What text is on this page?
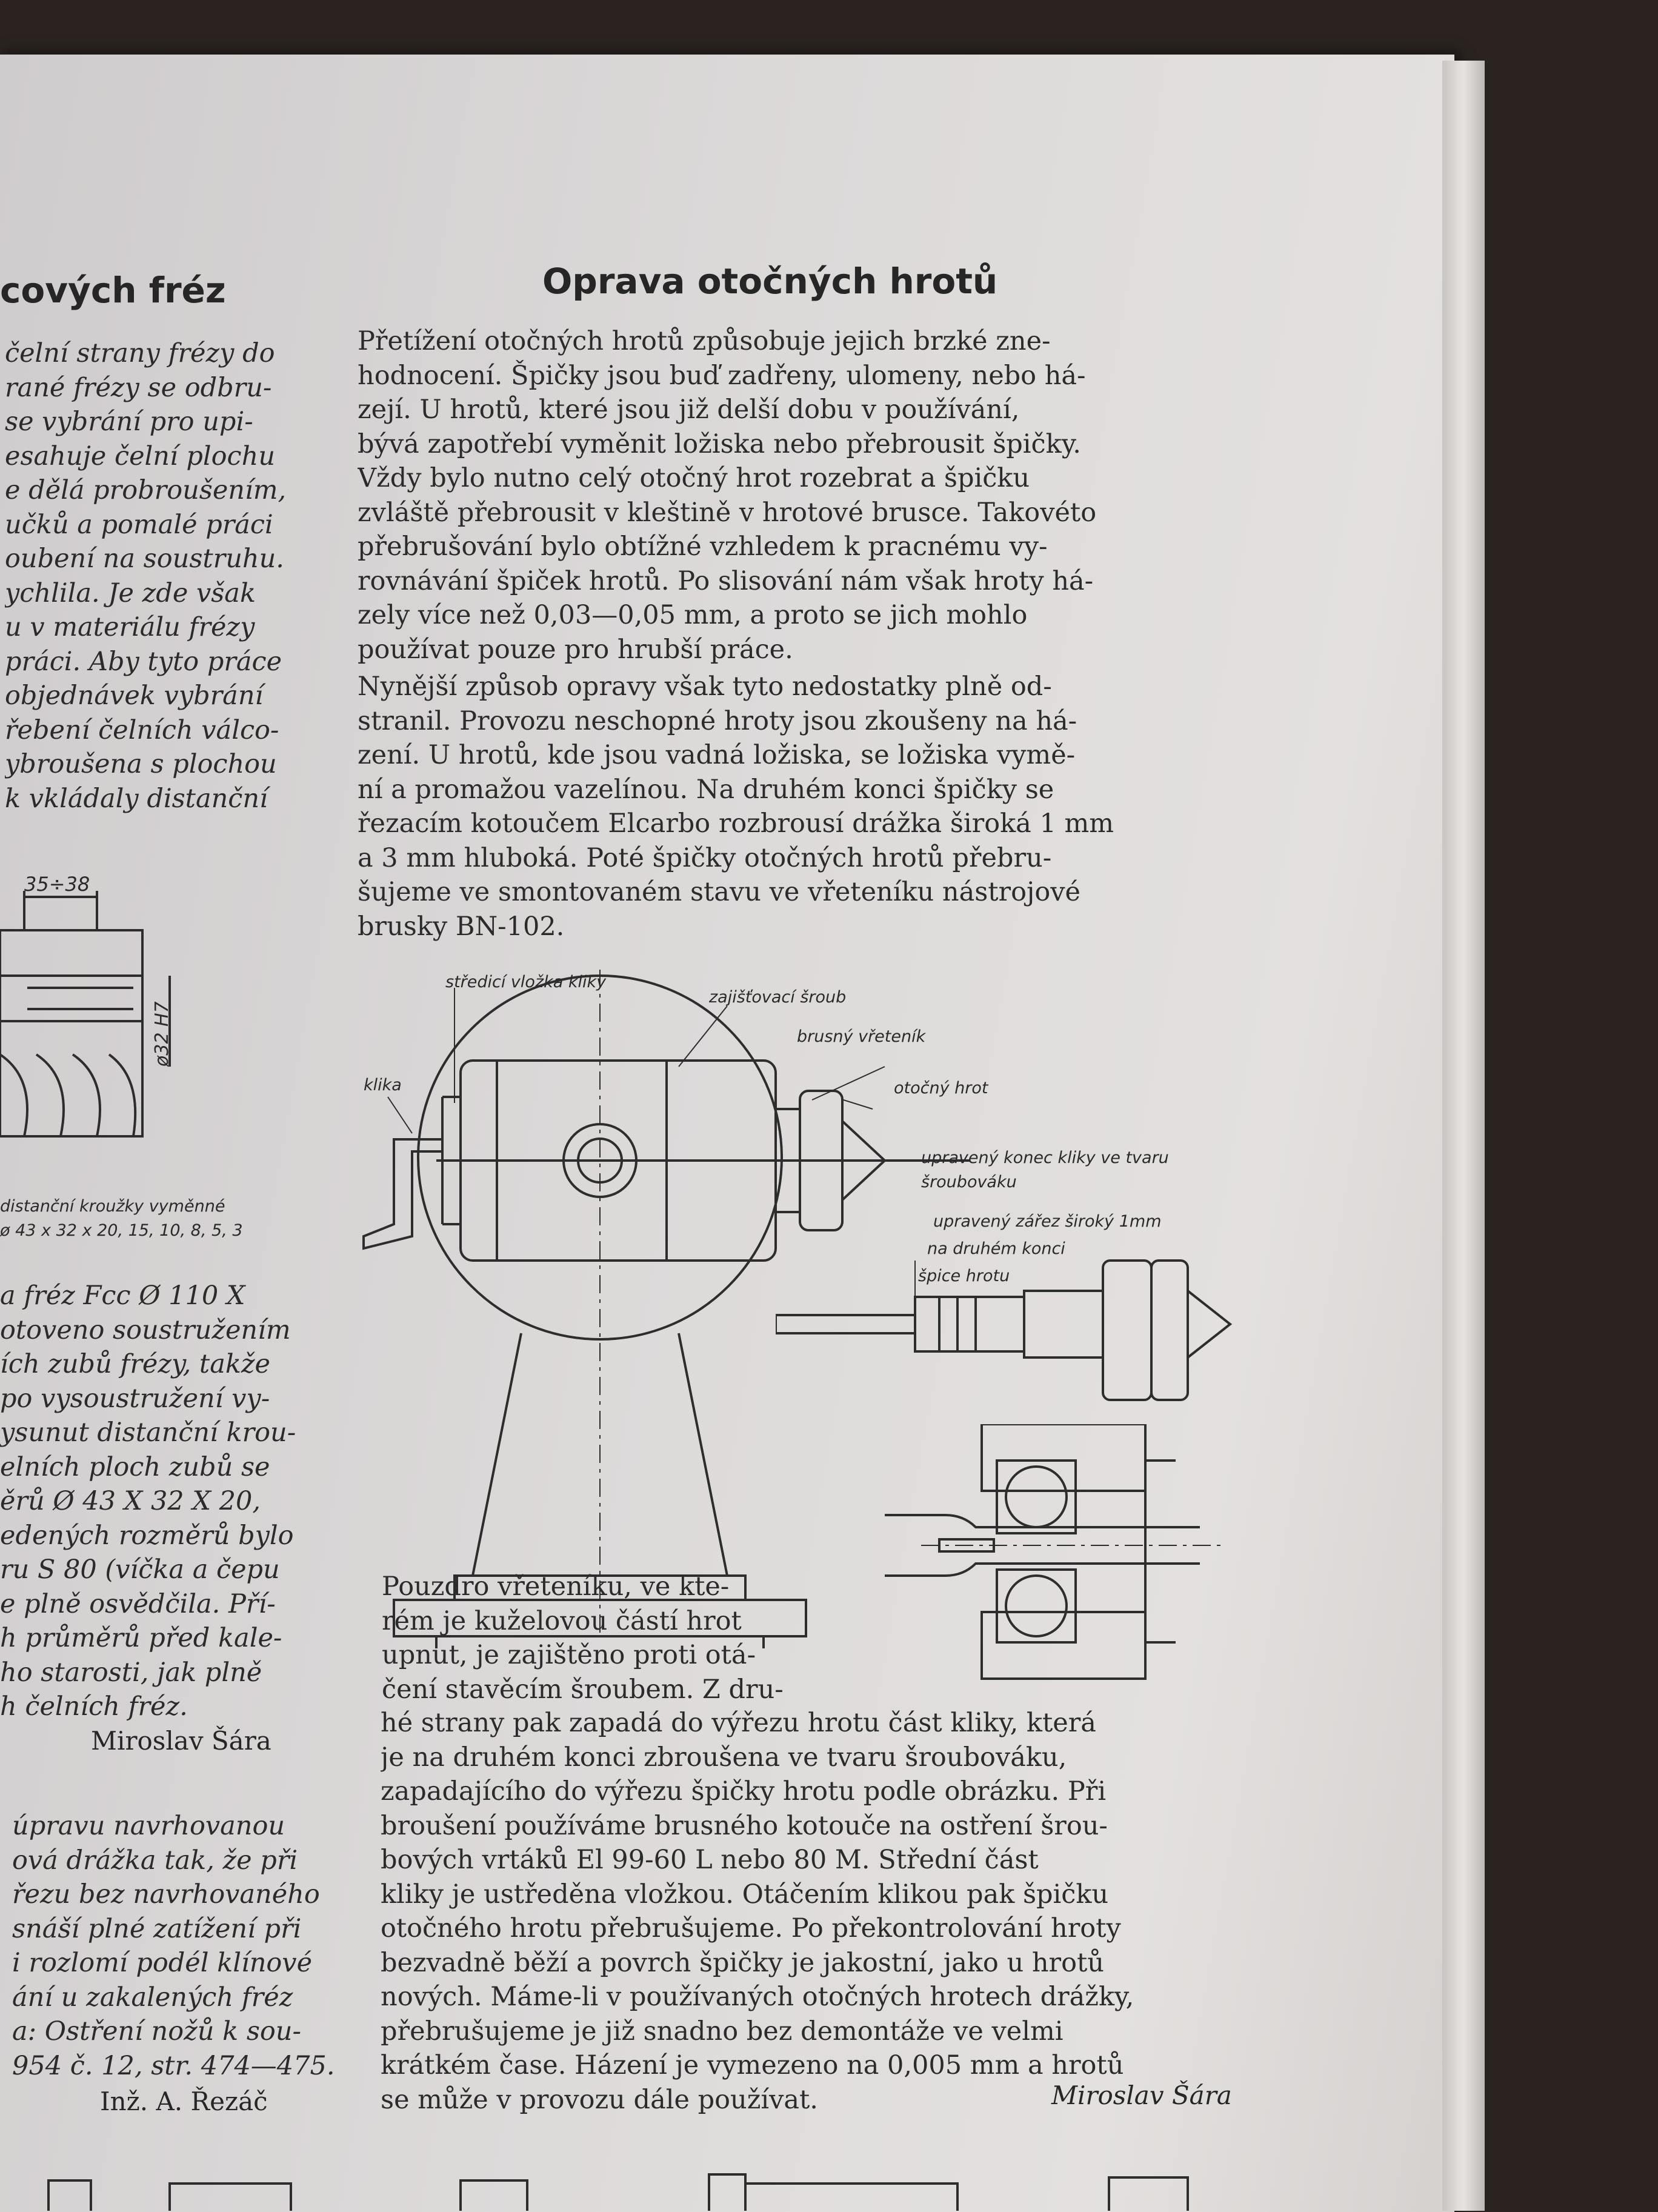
cových fréz
čelní strany frézy do
rané frézy se odbru-
se vybrání pro upi-
esahuje čelní plochu
e dělá probroušením,
učků a pomalé práci
oubení na soustruhu.
ychlila. Je zde však
u v materiálu frézy
práci. Aby tyto práce
objednávek vybrání
řebení čelních válco-
ybroušena s plochou
k vkládaly distanční
35÷38
ø32 H7
distanční kroužky vyměnné
ø 43 x 32 x 20, 15, 10, 8, 5, 3
a fréz Fcc Ø 110 X
otoveno soustružením
ích zubů frézy, takže
po vysoustružení vy-
ysunut distanční krou-
elních ploch zubů se
ěrů Ø 43 X 32 X 20,
edených rozměrů bylo
ru S 80 (víčka a čepu
e plně osvědčila. Pří-
h průměrů před kale-
ho starosti, jak plně
h čelních fréz.
Miroslav Šára
úpravu navrhovanou
ová drážka tak, že při
řezu bez navrhovaného
snáší plné zatížení při
i rozlomí podél klínové
ání u zakalených fréz
a: Ostření nožů k sou-
954 č. 12, str. 474—475.
Inž. A. Řezáč
Oprava otočných hrotů
Přetížení otočných hrotů způsobuje jejich brzké zne-
hodnocení. Špičky jsou buď zadřeny, ulomeny, nebo há-
zejí. U hrotů, které jsou již delší dobu v používání,
bývá zapotřebí vyměnit ložiska nebo přebrousit špičky.
Vždy bylo nutno celý otočný hrot rozebrat a špičku
zvláště přebrousit v kleštině v hrotové brusce. Takovéto
přebrušování bylo obtížné vzhledem k pracnému vy-
rovnávání špiček hrotů. Po slisování nám však hroty há-
zely více než 0,03—0,05 mm, a proto se jich mohlo
používat pouze pro hrubší práce.
Nynější způsob opravy však tyto nedostatky plně od-
stranil. Provozu neschopné hroty jsou zkoušeny na há-
zení. U hrotů, kde jsou vadná ložiska, se ložiska vymě-
ní a promažou vazelínou. Na druhém konci špičky se
řezacím kotoučem Elcarbo rozbrousí drážka široká 1 mm
a 3 mm hluboká. Poté špičky otočných hrotů přebru-
šujeme ve smontovaném stavu ve vřeteníku nástrojové
brusky BN-102.
středicí vložka kliky
zajišťovací šroub
brusný vřeteník
klika	otočný hrot
upravený konec kliky ve tvaru
šroubováku
upravený zářez široký 1mm
na druhém konci
špice hrotu
Pouzdro vřeteníku, ve kte-
rém je kuželovou částí hrot
upnut, je zajištěno proti otá-
čení stavěcím šroubem. Z dru-
hé strany pak zapadá do výřezu hrotu část kliky, která
je na druhém konci zbroušena ve tvaru šroubováku,
zapadajícího do výřezu špičky hrotu podle obrázku. Při
broušení používáme brusného kotouče na ostření šrou-
bových vrtáků El 99-60 L nebo 80 M. Střední část
kliky je ustředěna vložkou. Otáčením klikou pak špičku
otočného hrotu přebrušujeme. Po překontrolování hroty
bezvadně běží a povrch špičky je jakostní, jako u hrotů
nových. Máme-li v používaných otočných hrotech drážky,
přebrušujeme je již snadno bez demontáže ve velmi
krátkém čase. Házení je vymezeno na 0,005 mm a hrotů
se může v provozu dále používat.	Miroslav Šára
